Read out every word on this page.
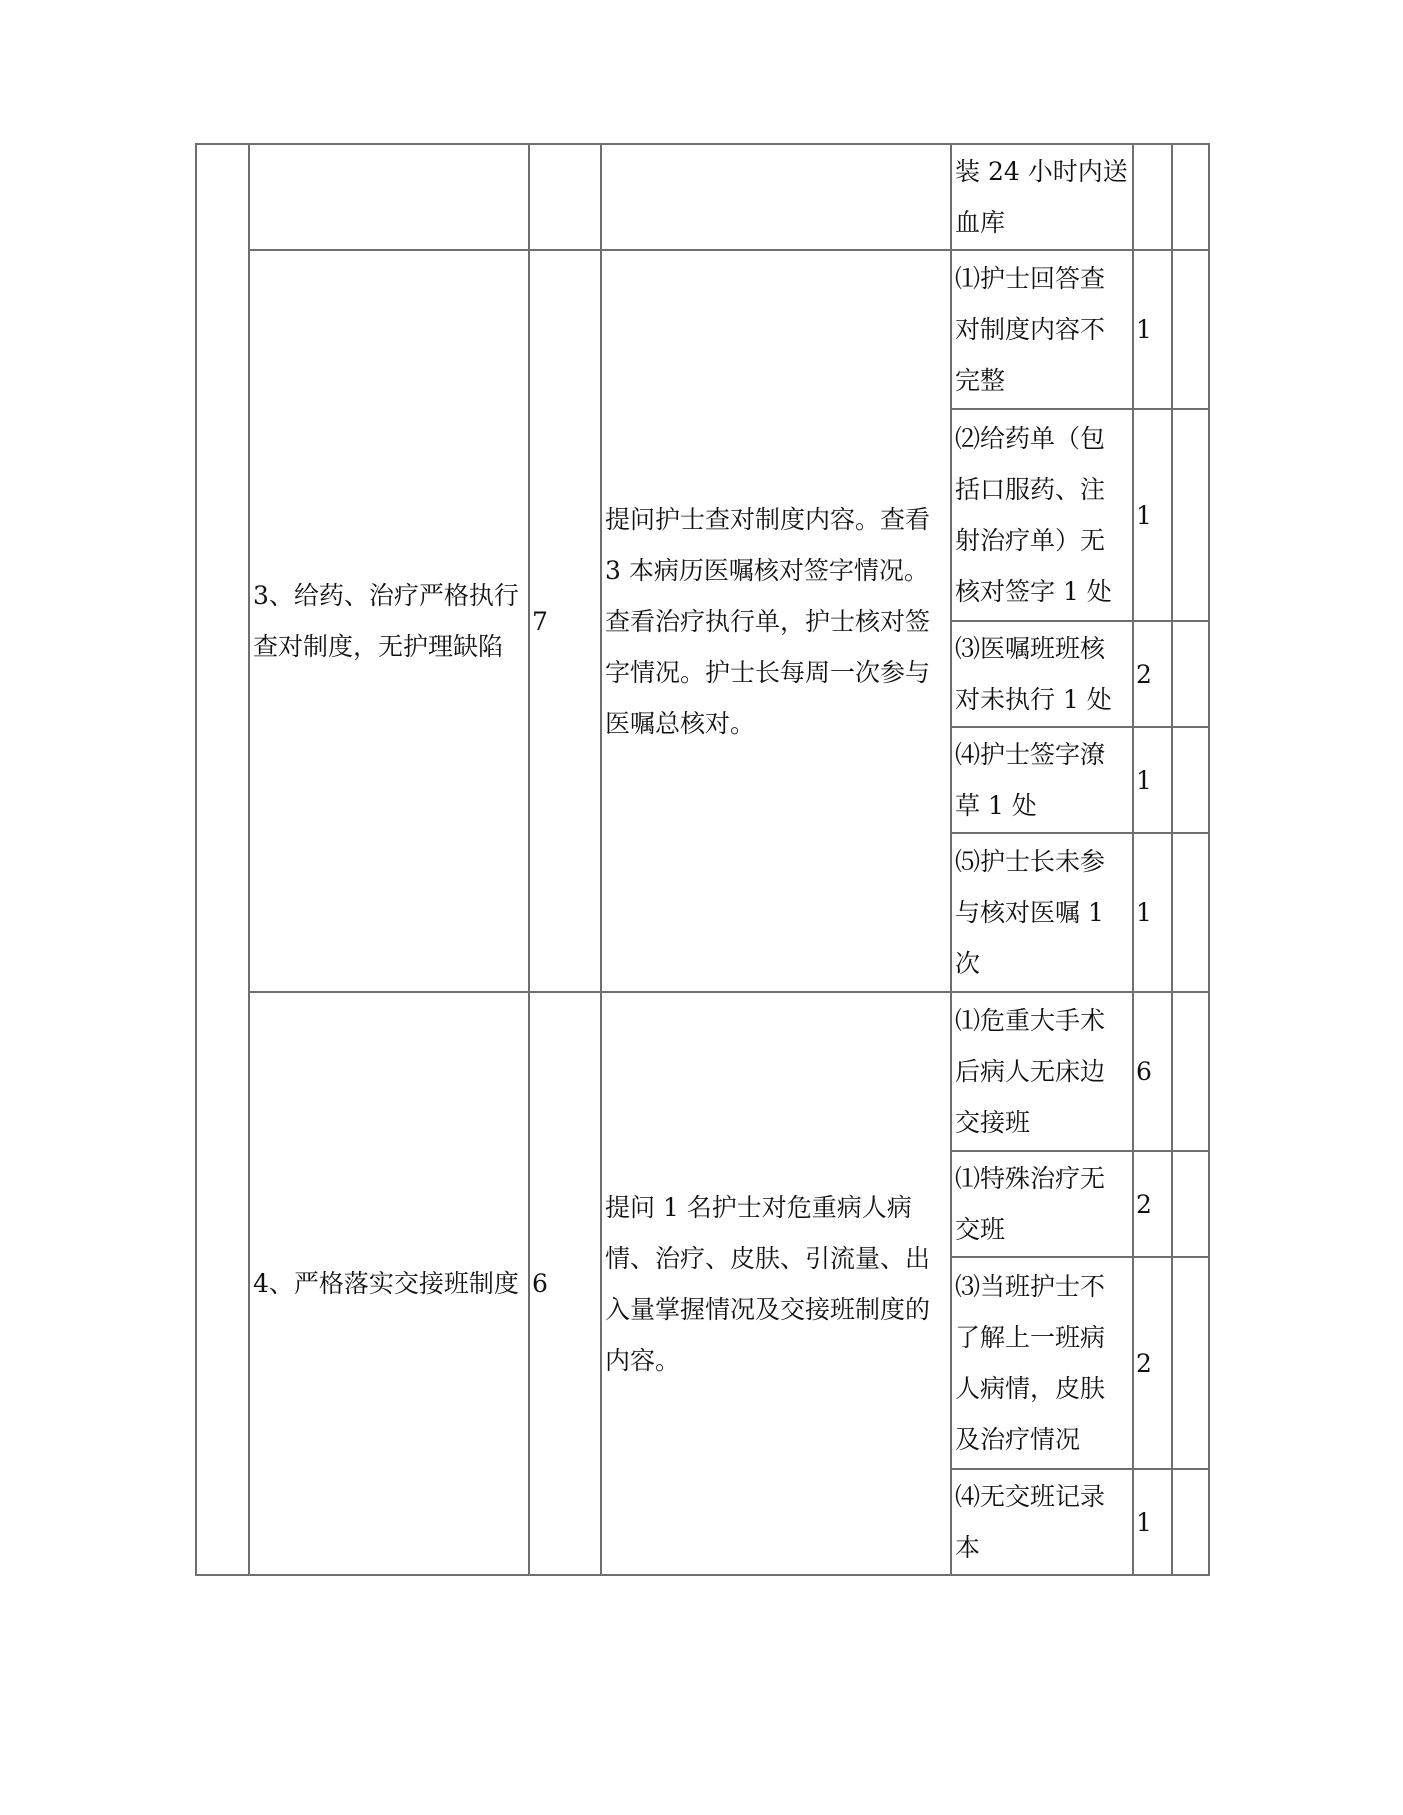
				装 24 小时内送血库		
	3、给药、治疗严格执行查对制度，无护理缺陷	7	提问护士查对制度内容。查看 3 本病历医嘱核对签字情况。查看治疗执行单，护士核对签字情况。护士长每周一次参与医嘱总核对。	⑴护士回答查对制度内容不完整	1	
				⑵给药单（包括口服药、注射治疗单）无核对签字 1 处	1	
				⑶医嘱班班核对未执行 1 处	2	
				⑷护士签字潦草 1 处	1	
				⑸护士长未参与核对医嘱 1 次	1	
	4、严格落实交接班制度	6	提问 1 名护士对危重病人病情、治疗、皮肤、引流量、出入量掌握情况及交接班制度的内容。	⑴危重大手术后病人无床边交接班	6	
				⑴特殊治疗无交班	2	
				⑶当班护士不了解上一班病人病情，皮肤及治疗情况	2	
				⑷无交班记录本	1	
